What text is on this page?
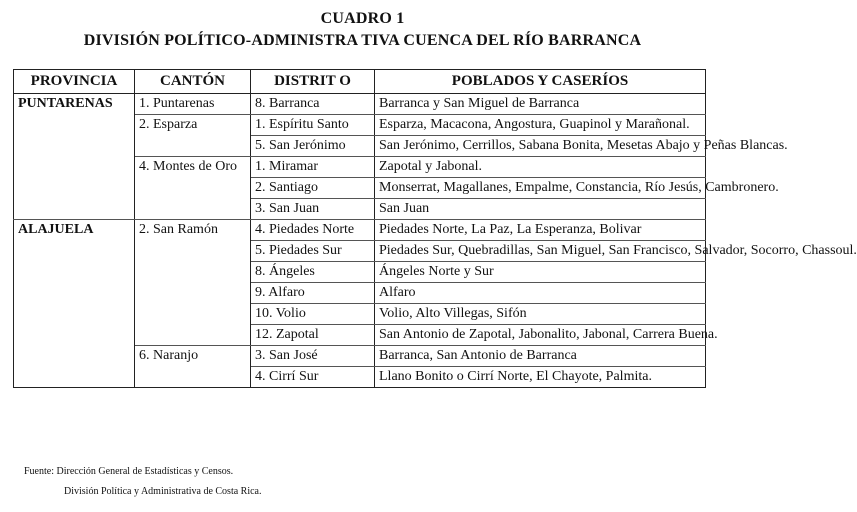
CUADRO 1
DIVISIÓN POLÍTICO-ADMINISTRA TIVA CUENCA DEL RÍO BARRANCA
PROVINCIA	CANTÓN	DISTRIT O	POBLADOS Y CASERÍOS
PUNTARENAS	1. Puntarenas	8. Barranca	Barranca y San Miguel de Barranca
	2. Esparza	1. Espíritu Santo	Esparza, Macacona, Angostura, Guapinol y Marañonal.
		5. San Jerónimo	San Jerónimo, Cerrillos, Sabana Bonita, Mesetas Abajo y Peñas Blancas.
	4. Montes de Oro	1. Miramar	Zapotal y Jabonal.
		2. Santiago	Monserrat, Magallanes, Empalme, Constancia, Río Jesús, Cambronero.
		3. San Juan	San Juan
ALAJUELA	2. San Ramón	4. Piedades Norte	Piedades Norte, La Paz, La Esperanza, Bolivar
		5. Piedades Sur	Piedades Sur, Quebradillas, San Miguel, San Francisco, Salvador, Socorro, Chassoul.
		8. Ángeles	Ángeles Norte y Sur
		9. Alfaro	Alfaro
		10. Volio	Volio, Alto Villegas, Sifón
		12. Zapotal	San Antonio de Zapotal, Jabonalito, Jabonal, Carrera Buena.
	6. Naranjo	3. San José	Barranca, San Antonio de Barranca
		4. Cirrí Sur	Llano Bonito o Cirrí Norte, El Chayote, Palmita.
Fuente: Dirección General de Estadísticas y Censos.
División Política y Administrativa de Costa Rica.
